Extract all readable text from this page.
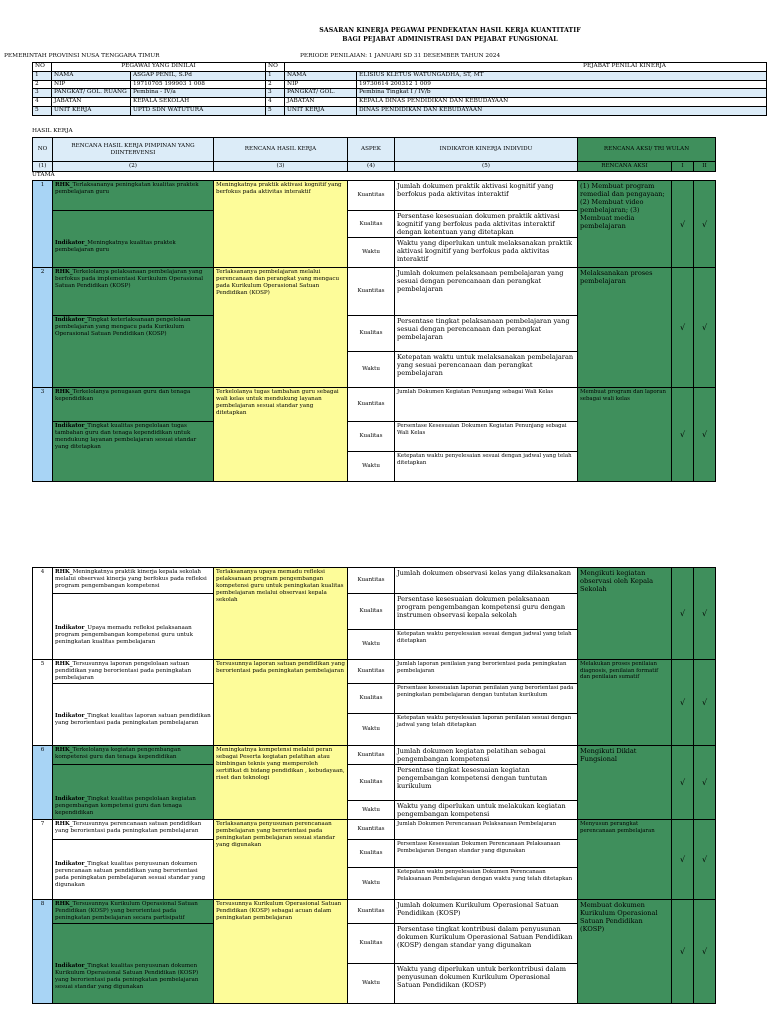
SASARAN KINERJA PEGAWAI PENDEKATAN HASIL KERJA KUANTITATIF
BAGI PEJABAT ADMINISTRASI DAN PEJABAT FUNGSIONAL
PEMERINTAH PROVINSI NUSA TENGGARA TIMUR	PERIODE PENILAIAN: 1 JANUARI SD 31 DESEMBER TAHUN 2024
NO	PEGAWAI YANG DINILAI		NO	PEJABAT PENILAI KINERJA	
1	NAMA	ASGAP PENIL, S.Pd	1	NAMA	ELISIUS KLETUS WATUNGADHA, ST, MT
2	NIP	19710705 199903 1 008	2	NIP	19730614 200312 1 009
3	PANGKAT/ GOL. RUANG	Pembina - IV/a	3	PANGKAT/ GOL.	Pembina Tingkat I / IV/b
4	JABATAN	KEPALA SEKOLAH	4	JABATAN	KEPALA DINAS PENDIDIKAN DAN KEBUDAYAAN
5	UNIT KERJA	UPTD SDN WATUTURA	5	UNIT KERJA	DINAS PENDIDIKAN DAN KEBUDAYAAN
HASIL KERJA
NO	RENCANA HASIL KERJA PIMPINAN YANG DIINTERVENSI	RENCANA HASIL KERJA	ASPEK	INDIKATOR KINERJA INDIVIDU	RENCANA AKSI/ TRI WULAN		
(1)	(2)	(3)	(4)	(5)	RENCANA AKSI	I	II

1	RHK_Terlaksananya peningkatan kualitas praktek pembelajaran guru	Meningkatnya praktik aktivasi kognitif yang berfokus pada aktivitas interaktif	Kuantitas	Jumlah dokumen praktik aktivasi kognitif yang berfokus pada aktivitas interaktif	(1) Membuat program remedial dan pengayaan; (2) Membuat video pembelajaran; (3) Membuat media pembelajaran	√	√

Indikator_Meningkatnya kualitas praktek pembelajaran guru		Kualitas	Persentase kesesuaian dokumen praktik aktivasi kognitif yang berfokus pada aktivitas interaktif dengan ketentuan yang ditetapkan			
			Waktu	Waktu yang diperlukan untuk melaksanakan praktik aktivasi kognitif yang berfokus pada aktivitas interaktif			
2	RHK_Terkelolanya pelaksanaan pembelajaran yang berfokus pada implementasi Kurikulum Operasional Satuan Pendidikan (KOSP)	Terlaksananya pembelajaran melalui perencanaan dan perangkat yang mengacu pada Kurikulum Operasional Satuan Pendidikan (KOSP)	Kuantitas	Jumlah dokumen pelaksanaan pembelajaran yang sesuai dengan perencanaan dan perangkat pembelajaran	Melaksanakan proses pembelajaran	√	√
	Indikator_Tingkat keterlaksanaan pengelolaan pembelajaran yang mengacu pada Kurikulum Operasional Satuan Pendidikan (KOSP)		Kualitas	Persentase tingkat pelaksanaan pembelajaran yang sesuai dengan perencanaan dan perangkat pembelajaran			
			Waktu	Ketepatan waktu untuk melaksanakan pembelajaran yang sesuai perencanaan dan perangkat pembelajaran			
3	RHK_Terkelolanya penugasan guru dan tenaga kependidikan	Terkelolanya tugas tambahan guru sebagai wali kelas untuk mendukung layanan pembelajaran sesuai standar yang ditetapkan	Kuantitas	Jumlah Dokumen Kegiatan Penunjang sebagai Wali Kelas	Membuat program dan laporan sebagai wali kelas	√	√
	Indikator_Tingkat kualitas pengelolaan tugas tambahan guru dan tenaga kependidikan untuk mendukung layanan pembelajaran sesuai standar yang ditetapkan		Kualitas	Persentase Kesesuaian Dokumen Kegiatan Penunjang sebagai Wali Kelas			
			Waktu	Ketepatan waktu penyelesaian sesuai dengan jadwal yang telah ditetapkan			
UTAMA
4	RHK_Meningkatnya praktik kinerja kepala sekolah melalui observasi kinerja yang berfokus pada refleksi program pengembangan kompetensi	Terlaksananya upaya memadu refleksi pelaksanaan program pengembangan kompetensi guru untuk peningkatan kualitas pembelajaran melalui observasi kepala sekolah	Kuantitas	Jumlah dokumen observasi kelas yang dilaksanakan	Mengikuti kegiatan observasi oleh Kepala Sekolah	√	√

Indikator_Upaya memadu refleksi pelaksanaan program pengembangan kompetensi guru untuk peningkatan kualitas pembelajaran		Kualitas	Persentase kesesuaian dokumen pelaksanaan program pengembangan kompetensi guru dengan instrumen observasi kepala sekolah			
			Waktu	Ketepatan waktu penyelesaian sesuai dengan jadwal yang telah ditetapkan			
5	RHK_Tersusunnya laporan pengelolaan satuan pendidikan yang berorientasi pada peningkatan pembelajaran	Tersusunnya laporan satuan pendidikan yang berorientasi pada peningkatan pembelajaran	Kuantitas	Jumlah laporan penilaian yang berorientasi pada peningkatan pembelajaran	Melakukan proses penilaian diagnosis, penilaian formatif dan penilaian sumatif	√	√

Indikator_Tingkat kualitas laporan satuan pendidikan yang berorientasi pada peningkatan pembelajaran		Kualitas	Persentase kesesuaian laporan penilaian yang berorientasi pada peningkatan pembelajaran dengan tuntutan kurikulum			
			Waktu	Ketepatan waktu penyelesaian laporan penilaian sesuai dengan jadwal yang telah ditetapkan			
6	RHK_Terkelolanya kegiatan pengembangan kompetensi guru dan tenaga kependidikan	Meningkatnya kompetensi melalui peran sebagai Peserta kegiatan pelatihan atau bimbingan teknis yang memperoleh sertifikat di bidang pendidikan , kebudayaan, riset dan teknologi	Kuantitas	Jumlah dokumen kegiatan pelatihan sebagai pengembangan kompetensi	Mengikuti Diklat Fungsional	√	√

Indikator_Tingkat kualitas pengelolaan kegiatan pengembangan kompetensi guru dan tenaga kependidikan		Kualitas	Persentase tingkat kesesuaian kegiatan pengembangan kompetensi dengan tuntutan kurikulum			
			Waktu	Waktu yang diperlukan untuk melakukan kegiatan pengembangan kompetensi			
7	RHK_Tersusunnya perencanaan satuan pendidikan yang berorientasi pada peningkatan pembelajaran	Terlaksananya penyusunan perencanaan pembelajaran yang berorientasi pada peningkatan pembelajaran sesuai standar yang digunakan	Kuantitas	Jumlah Dokumen Perencanaan Pelaksanaan Pembelajaran	Menyusun perangkat perencanaan pembelajaran	√	√

Indikator_Tingkat kualitas penyusunan dokumen perencanaan satuan pendidikan yang berorientasi pada peningkatan pembelajaran sesuai standar yang digunakan		Kualitas	Persentase Kesesuaian Dokumen Perencanaan Pelaksanaan Pembelajaran Dengan standar yang digunakan			
			Waktu	Ketepatan waktu penyelesaian Dokumen Perencanaan Pelaksanaan Pembelajaran dengan waktu yang telah ditetapkan			
8	RHK_Tersusunnya Kurikulum Operasional Satuan Pendidikan (KOSP) yang berorientasi pada peningkatan pembelajaran secara partisipatif	Tersusunnya Kurikulum Operasional Satuan Pendidikan (KOSP) sebagai acuan dalam peningkatan pembelajaran	Kuantitas	Jumlah dokumen Kurikulum Operasional Satuan Pendidikan (KOSP)	Membuat dokumen Kurikulum Operasional Satuan Pendidikan (KOSP)	√	√

Indikator_Tingkat kualitas penyusunan dokumen Kurikulum Operasional Satuan Pendidikan (KOSP) yang berorientasi pada peningkatan pembelajaran sesuai standar yang digunakan		Kualitas	Persentase tingkat kontribusi dalam penyusunan dokumen Kurikulum Operasional Satuan Pendidikan (KOSP) dengan standar yang digunakan			
			Waktu	Waktu yang diperlukan untuk berkontribusi dalam penyusunan dokumen Kurikulum Operasional Satuan Pendidikan (KOSP)			
